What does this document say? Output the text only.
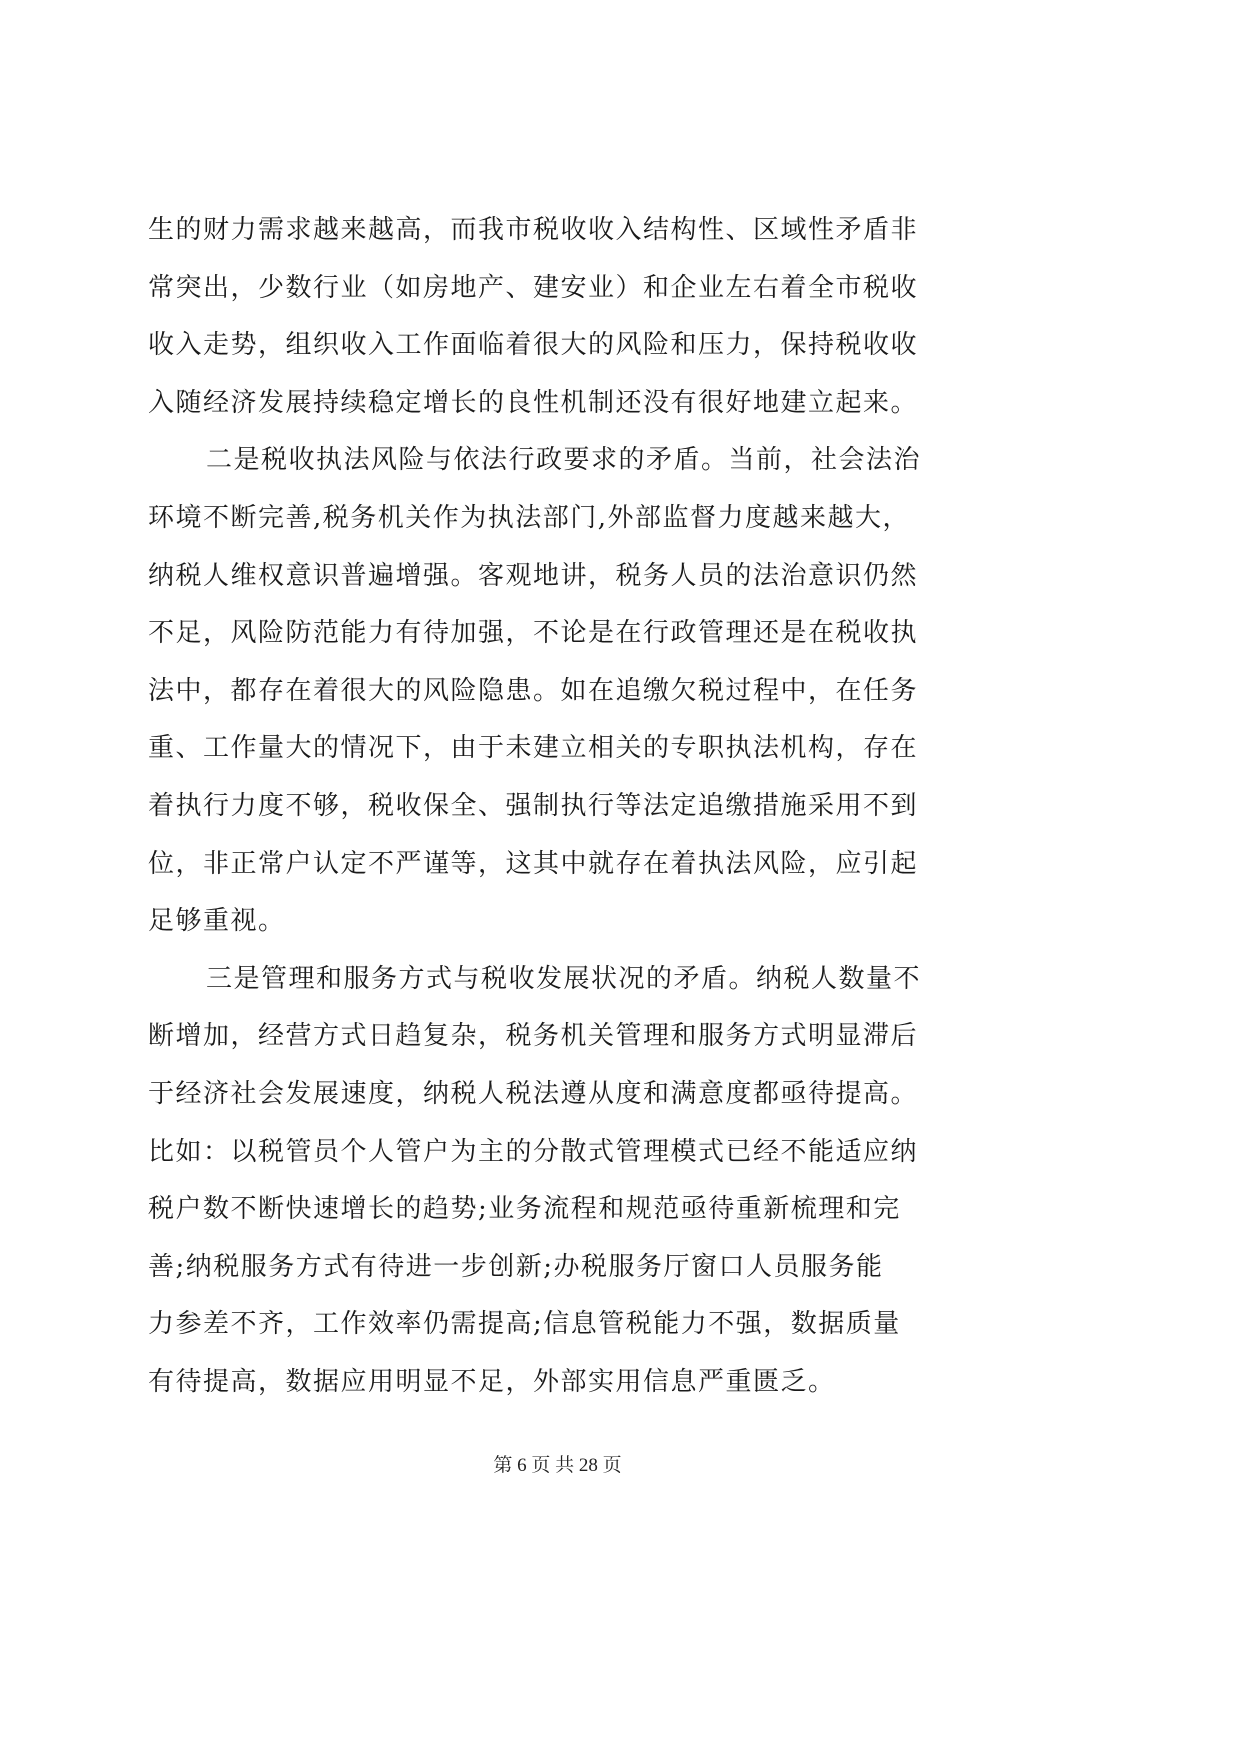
生的财力需求越来越高，而我市税收收入结构性、区域性矛盾非
常突出，少数行业（如房地产、建安业）和企业左右着全市税收
收入走势，组织收入工作面临着很大的风险和压力，保持税收收
入随经济发展持续稳定增长的良性机制还没有很好地建立起来。
二是税收执法风险与依法行政要求的矛盾。当前，社会法治
环境不断完善,税务机关作为执法部门,外部监督力度越来越大，
纳税人维权意识普遍增强。客观地讲，税务人员的法治意识仍然
不足，风险防范能力有待加强，不论是在行政管理还是在税收执
法中，都存在着很大的风险隐患。如在追缴欠税过程中，在任务
重、工作量大的情况下，由于未建立相关的专职执法机构，存在
着执行力度不够，税收保全、强制执行等法定追缴措施采用不到
位，非正常户认定不严谨等，这其中就存在着执法风险，应引起
足够重视。
三是管理和服务方式与税收发展状况的矛盾。纳税人数量不
断增加，经营方式日趋复杂，税务机关管理和服务方式明显滞后
于经济社会发展速度，纳税人税法遵从度和满意度都亟待提高。
比如：以税管员个人管户为主的分散式管理模式已经不能适应纳
税户数不断快速增长的趋势;业务流程和规范亟待重新梳理和完
善;纳税服务方式有待进一步创新;办税服务厅窗口人员服务能
力参差不齐，工作效率仍需提高;信息管税能力不强，数据质量
有待提高，数据应用明显不足，外部实用信息严重匮乏。
第 6 页 共 28 页
